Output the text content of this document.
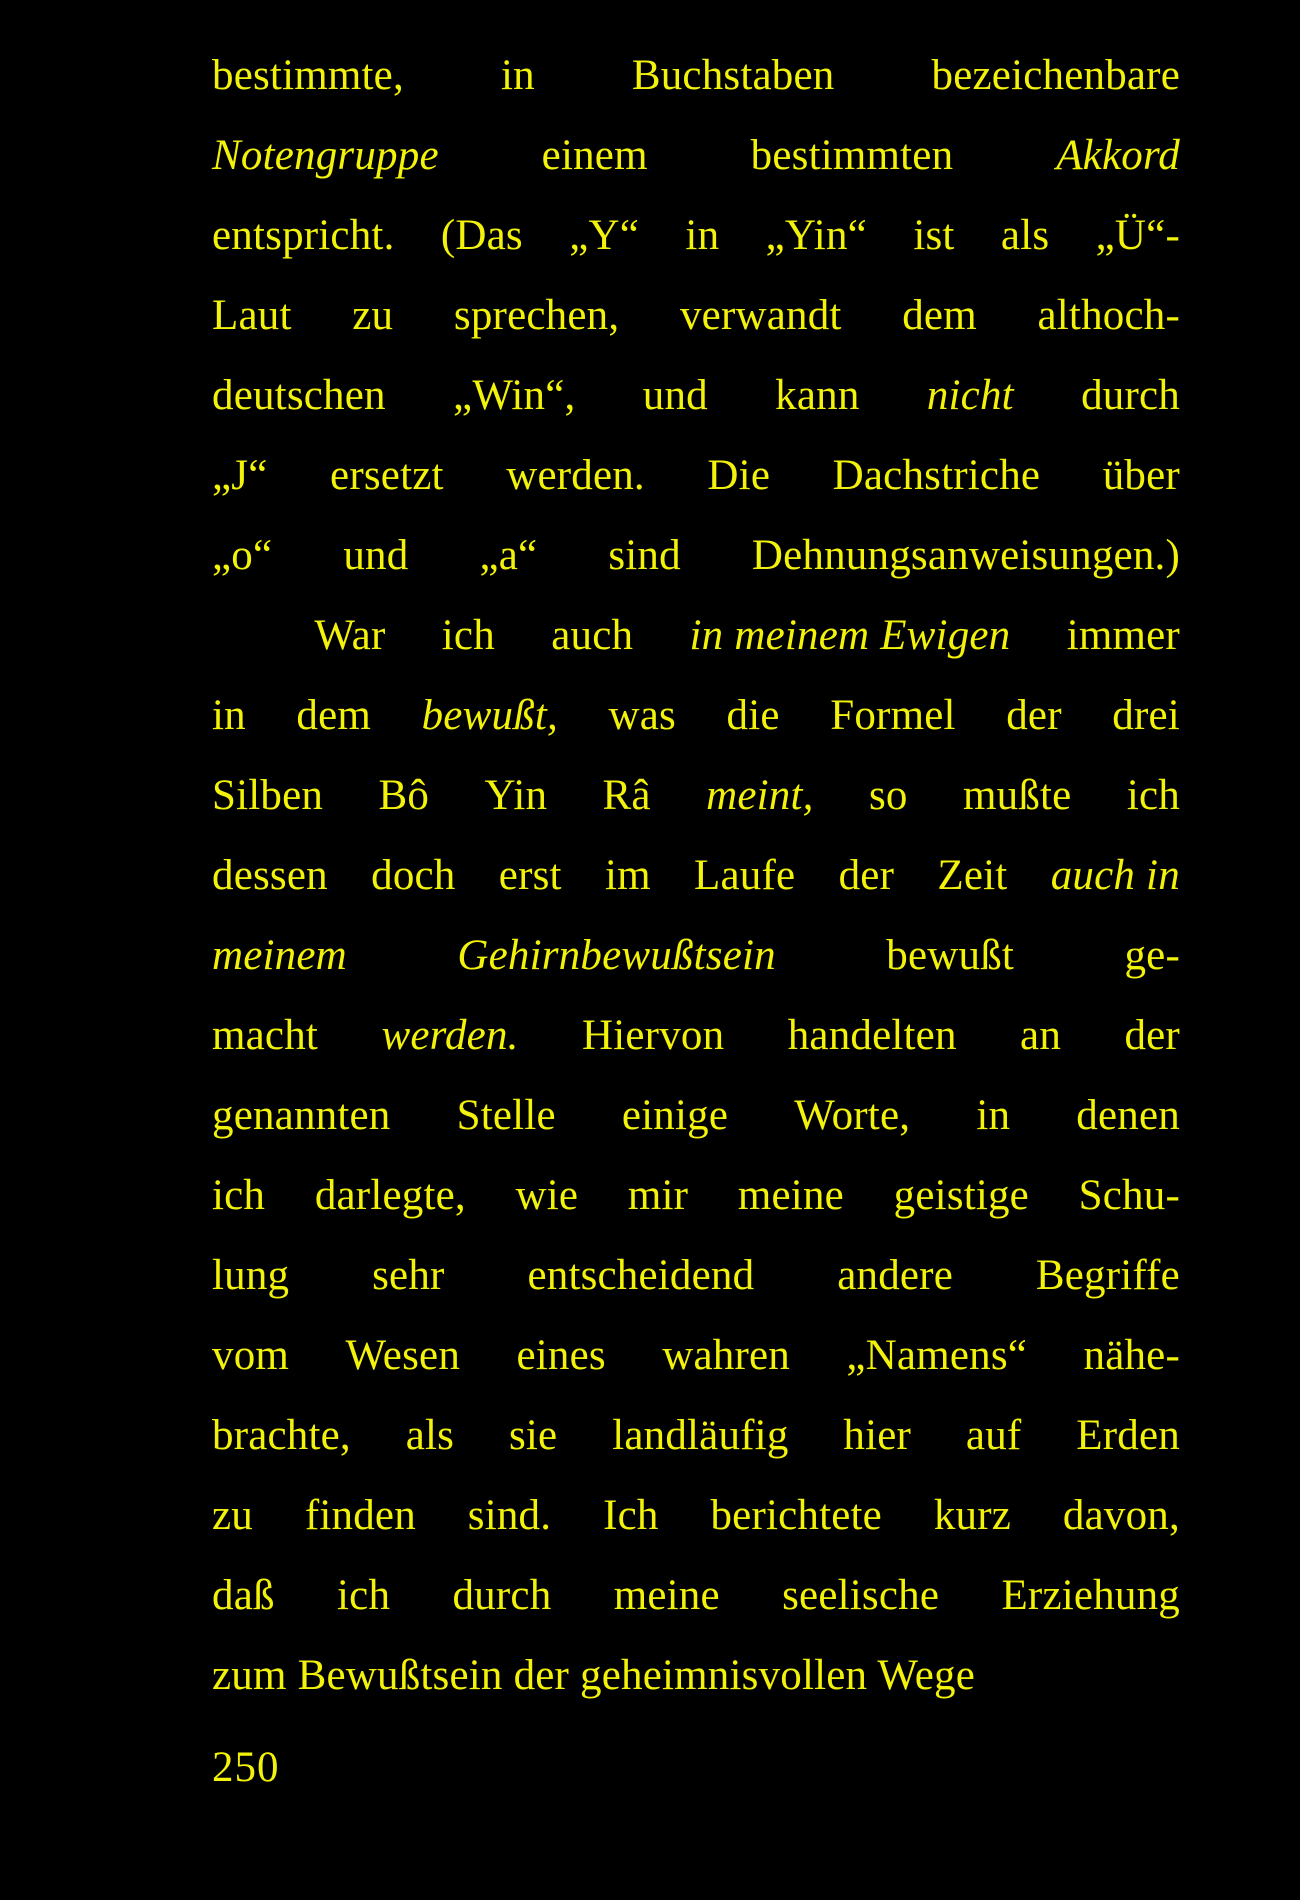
bestimmte, in Buchstaben bezeichenbare
Notengruppe einem bestimmten Akkord
entspricht. (Das „Y“ in „Yin“ ist als „Ü“-
Laut zu sprechen, verwandt dem althoch-
deutschen „Win“, und kann nicht durch
„J“ ersetzt werden. Die Dachstriche über
„o“ und „a“ sind Dehnungsanweisungen.)
War ich auch in meinem Ewigen immer
in dem bewußt, was die Formel der drei
Silben Bô Yin Râ meint, so mußte ich
dessen doch erst im Laufe der Zeit auch in
meinem	Gehirnbewußtsein	bewußt	ge-
macht werden. Hiervon handelten an der
genannten Stelle einige Worte, in denen
ich darlegte, wie mir meine geistige Schu-
lung sehr entscheidend andere Begriffe
vom Wesen eines wahren „Namens“ nähe-
brachte, als sie landläufig hier auf Erden
zu finden sind. Ich berichtete kurz davon,
daß ich durch meine seelische Erziehung
zum Bewußtsein der geheimnisvollen Wege
250
